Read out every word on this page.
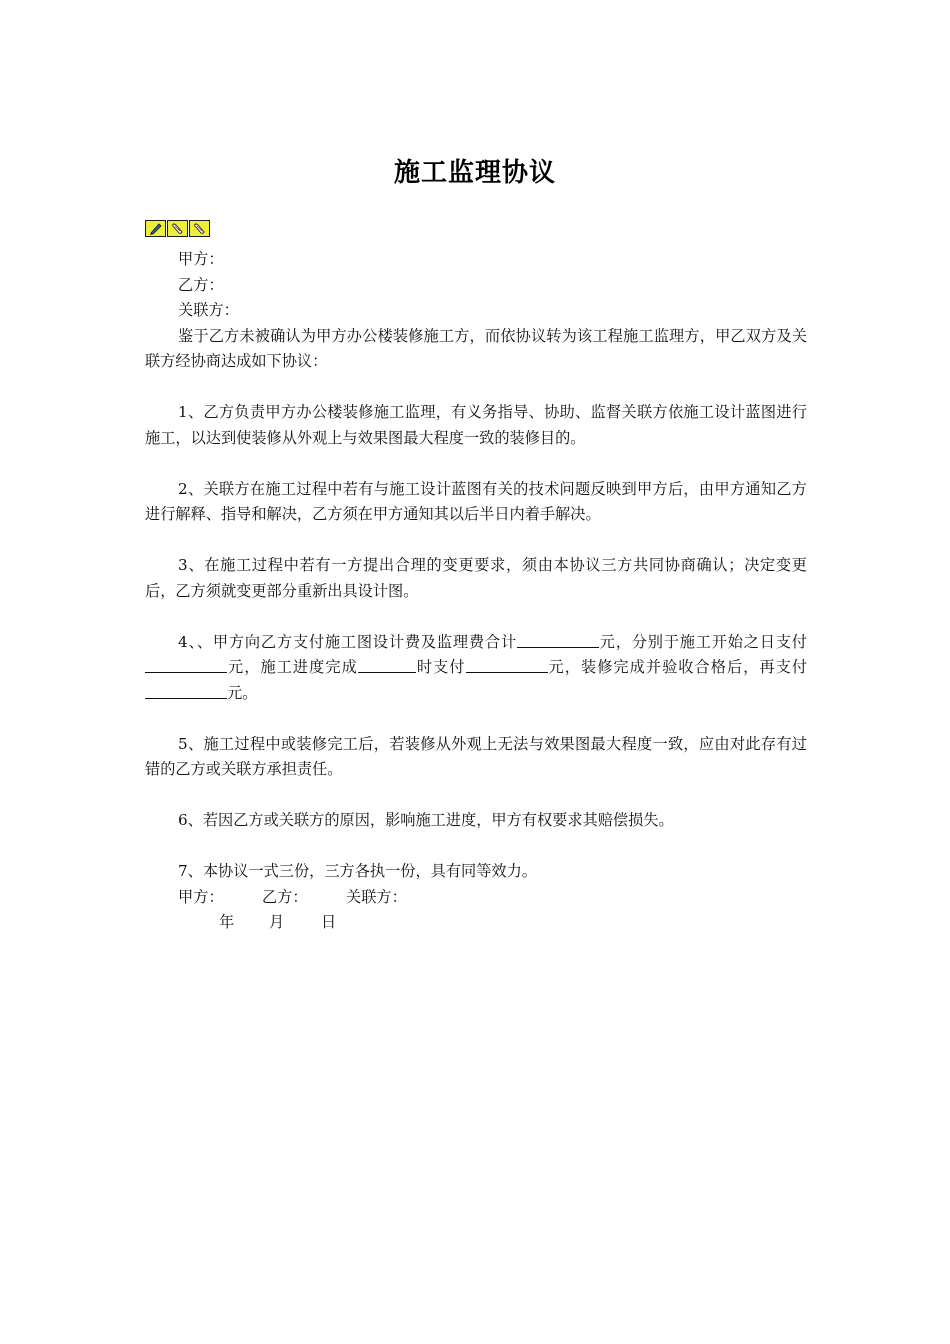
施工监理协议
甲方：
乙方：
关联方：

鉴于乙方未被确认为甲方办公楼装修施工方，而依协议转为该工程施工监理方，甲乙双方及关联方经协商达成如下协议：

1、乙方负责甲方办公楼装修施工监理，有义务指导、协助、监督关联方依施工设计蓝图进行施工，以达到使装修从外观上与效果图最大程度一致的装修目的。

2、关联方在施工过程中若有与施工设计蓝图有关的技术问题反映到甲方后，由甲方通知乙方进行解释、指导和解决，乙方须在甲方通知其以后半日内着手解决。

3、在施工过程中若有一方提出合理的变更要求，须由本协议三方共同协商确认；决定变更后，乙方须就变更部分重新出具设计图。

4、、甲方向乙方支付施工图设计费及监理费合计	元，分别于施工开始之日支付元，施工进度完成	时支付	元，装修完成并验收合格后，再支付元。

5、施工过程中或装修完工后，若装修从外观上无法与效果图最大程度一致，应由对此存有过错的乙方或关联方承担责任。

6、若因乙方或关联方的原因，影响施工进度，甲方有权要求其赔偿损失。

7、本协议一式三份，三方各执一份，具有同等效力。

甲方：	乙方：	关联方：
年 月 日
